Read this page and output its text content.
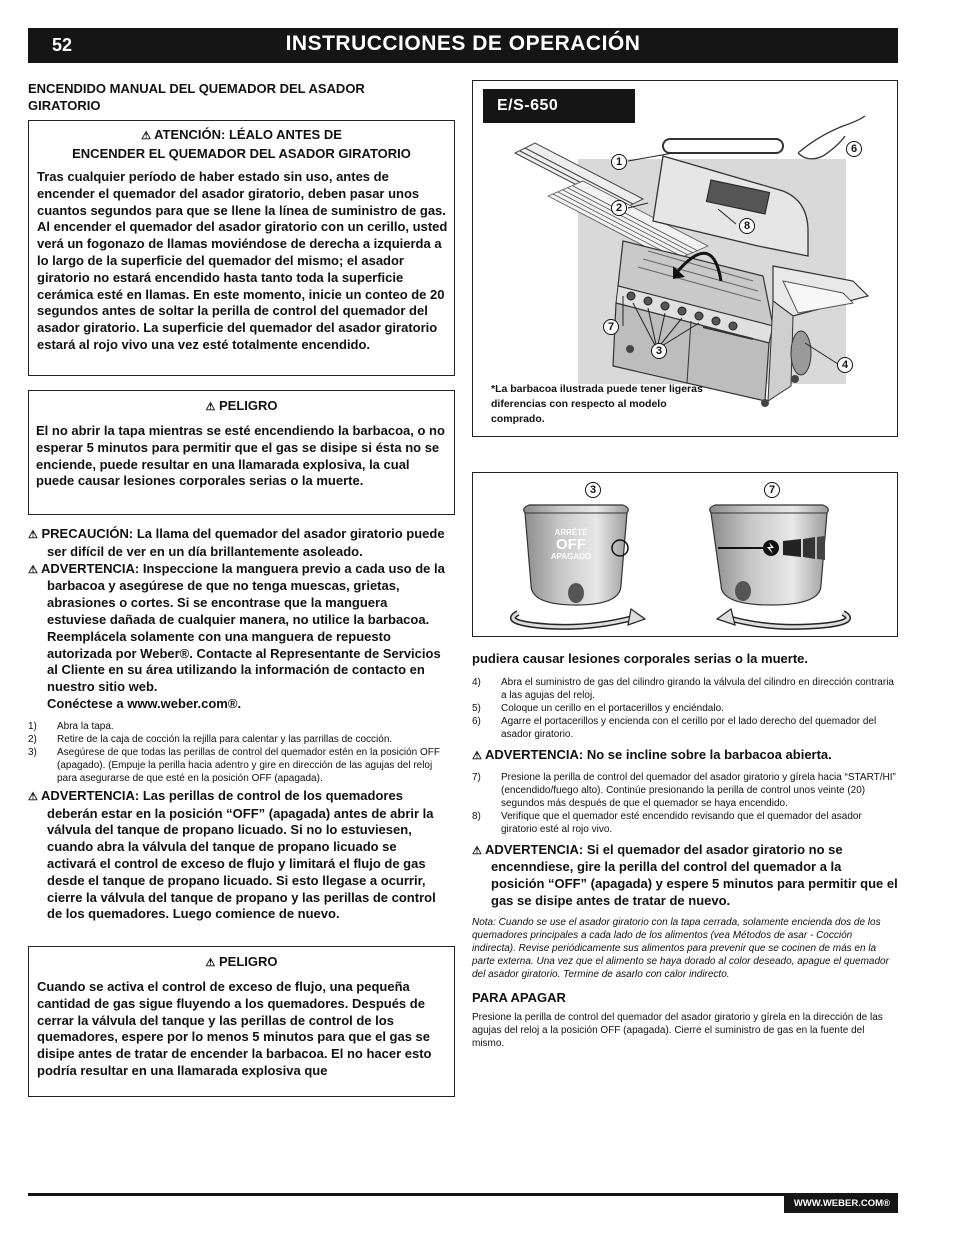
52	INSTRUCCIONES DE OPERACIÓN
ENCENDIDO MANUAL DEL QUEMADOR DEL ASADOR GIRATORIO
⚠ ATENCIÓN: LÉALO ANTES DE
ENCENDER EL QUEMADOR DEL ASADOR GIRATORIO
Tras cualquier período de haber estado sin uso, antes de encender el quemador del asador giratorio, deben pasar unos cuantos segundos para que se llene la línea de suministro de gas. Al encender el quemador del asador giratorio con un cerillo, usted verá un fogonazo de llamas moviéndose de derecha a izquierda a lo largo de la superficie del quemador del mismo; el asador giratorio no estará encendido hasta tanto toda la superficie cerámica esté en llamas. En este momento, inicie un conteo de 20 segundos antes de soltar la perilla de control del quemador del asador giratorio. La superficie del quemador del asador giratorio estará al rojo vivo una vez esté totalmente encendido.
⚠ PELIGRO
El no abrir la tapa mientras se esté encendiendo la barbacoa, o no esperar 5 minutos para permitir que el gas se disipe si ésta no se enciende, puede resultar en una llamarada explosiva, la cual puede causar lesiones corporales serias o la muerte.
⚠ PRECAUCIÓN: La llama del quemador del asador giratorio puede ser difícil de ver en un día brillantemente asoleado.
⚠ ADVERTENCIA: Inspeccione la manguera previo a cada uso de la barbacoa y asegúrese de que no tenga muescas, grietas, abrasiones o cortes. Si se encontrase que la manguera estuviese dañada de cualquier manera, no utilice la barbacoa. Reemplácela solamente con una manguera de repuesto autorizada por Weber®. Contacte al Representante de Servicios al Cliente en su área utilizando la información de contacto en nuestro sitio web.
Conéctese a www.weber.com®.
1)	Abra la tapa.
2)	Retire de la caja de cocción la rejilla para calentar y las parrillas de cocción.
3)	Asegúrese de que todas las perillas de control del quemador estén en la posición OFF (apagado). (Empuje la perilla hacia adentro y gire en dirección de las agujas del reloj para asegurarse de que esté en la posición OFF (apagada).
⚠ ADVERTENCIA: Las perillas de control de los quemadores deberán estar en la posición “OFF” (apagada) antes de abrir la válvula del tanque de propano licuado. Si no lo estuviesen, cuando abra la válvula del tanque de propano licuado se activará el control de exceso de flujo y limitará el flujo de gas desde el tanque de propano licuado. Si esto llegase a ocurrir, cierre la válvula del tanque de propano y las perillas de control de los quemadores. Luego comience de nuevo.
⚠ PELIGRO
Cuando se activa el control de exceso de flujo, una pequeña cantidad de gas sigue fluyendo a los quemadores. Después de cerrar la válvula del tanque y las perillas de control de los quemadores, espere por lo menos 5 minutos para que el gas se disipe antes de tratar de encender la barbacoa. El no hacer esto podría resultar en una llamarada explosiva que
E/S-650
1
2
3
4
6
7
8
*La barbacoa ilustrada puede tener ligeras diferencias con respecto al modelo comprado.
3	7
ARRÊTÉ
OFF
APAGADO
pudiera causar lesiones corporales serias o la muerte.
4)	Abra el suministro de gas del cilindro girando la válvula del cilindro en dirección contraria a las agujas del reloj.
5)	Coloque un cerillo en el portacerillos y enciéndalo.
6)	Agarre el portacerillos y encienda con el cerillo por el lado derecho del quemador del asador giratorio.
⚠ ADVERTENCIA: No se incline sobre la barbacoa abierta.
7)	Presione la perilla de control del quemador del asador giratorio y gírela hacia “START/HI” (encendido/fuego alto). Continúe presionando la perilla de control unos veinte (20) segundos más después de que el quemador se haya encendido.
8)	Verifique que el quemador esté encendido revisando que el quemador del asador giratorio esté al rojo vivo.
⚠ ADVERTENCIA: Si el quemador del asador giratorio no se encenndiese, gire la perilla del control del quemador a la posición “OFF” (apagada) y espere 5 minutos para permitir que el gas se disipe antes de tratar de nuevo.
Nota: Cuando se use el asador giratorio con la tapa cerrada, solamente encienda dos de los quemadores principales a cada lado de los alimentos (vea Métodos de asar - Cocción indirecta). Revise periódicamente sus alimentos para prevenir que se cocinen de más en la parte externa. Una vez que el alimento se haya dorado al color deseado, apague el quemador del asador giratorio. Termine de asarlo con calor indirecto.
PARA APAGAR
Presione la perilla de control del quemador del asador giratorio y gírela en la dirección de las agujas del reloj a la posición OFF (apagada). Cierre el suministro de gas en la fuente del mismo.
WWW.WEBER.COM®
